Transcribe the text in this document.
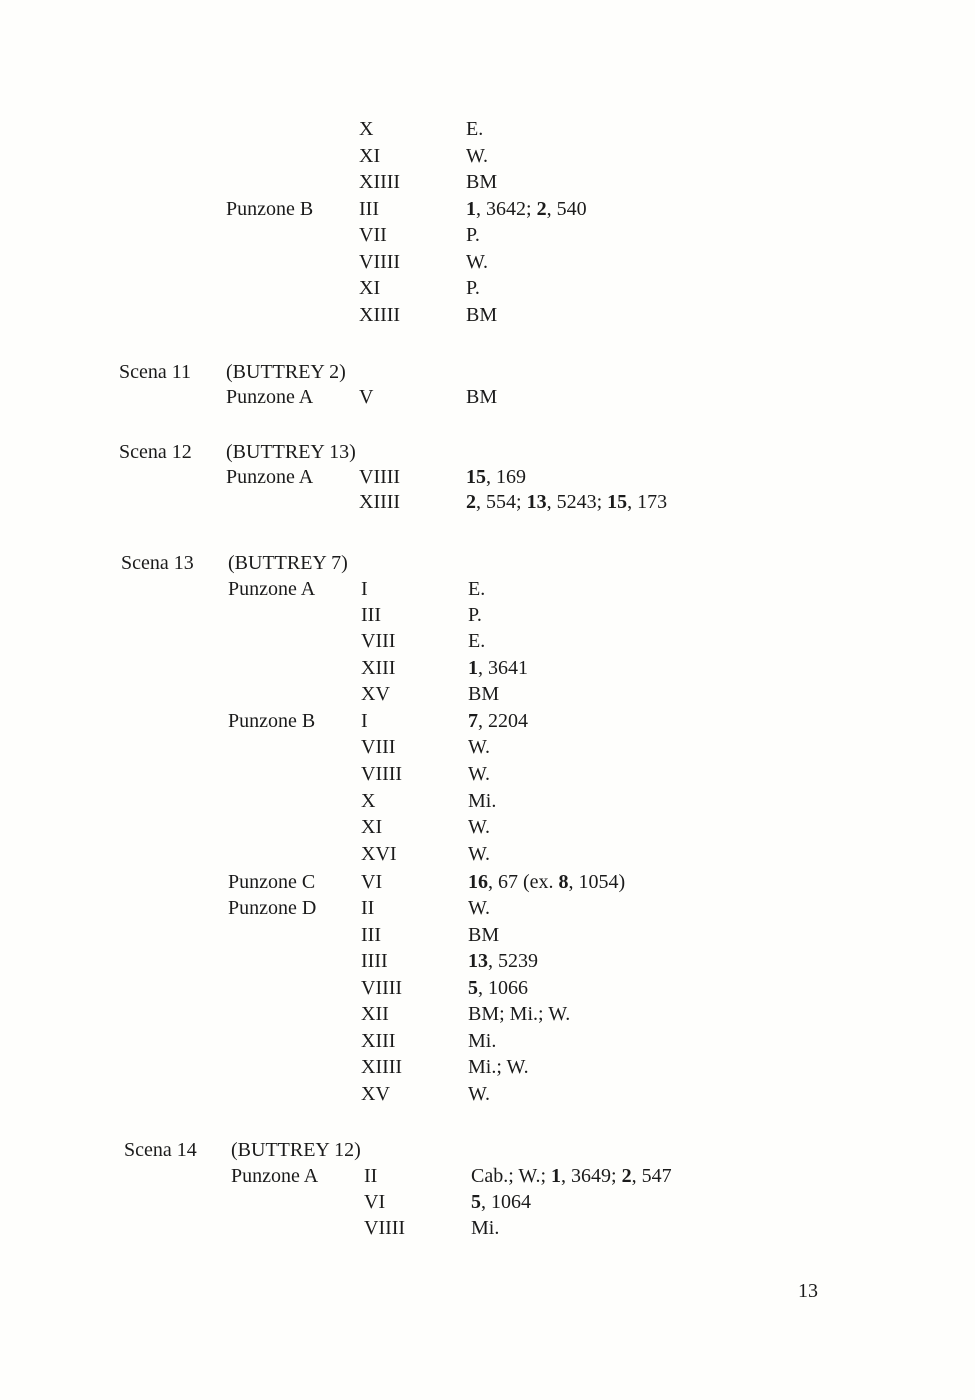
X	E.
XI	W.
XIIII	BM
Punzone B III	1, 3642; 2, 540
VII	P.
VIIII	W.
XI	P.
XIIII	BM
Scena 11 (BUTTREY 2)
Punzone A V	BM
Scena 12 (BUTTREY 13)
Punzone A VIIII	15, 169
XIIII	2, 554; 13, 5243; 15, 173
Scena 13 (BUTTREY 7)
Punzone A I	E.
III	P.
VIII	E.
XIII	1, 3641
XV	BM
Punzone B I	7, 2204
VIII	W.
VIIII	W.
X	Mi.
XI	W.
XVI	W.
Punzone C VI	16, 67 (ex. 8, 1054)
Punzone D II	W.
III	BM
IIII	13, 5239
VIIII	5, 1066
XII	BM; Mi.; W.
XIII	Mi.
XIIII	Mi.; W.
XV	W.
Scena 14 (BUTTREY 12)
Punzone A II	Cab.; W.; 1, 3649; 2, 547
VI	5, 1064
VIIII	Mi.
13
